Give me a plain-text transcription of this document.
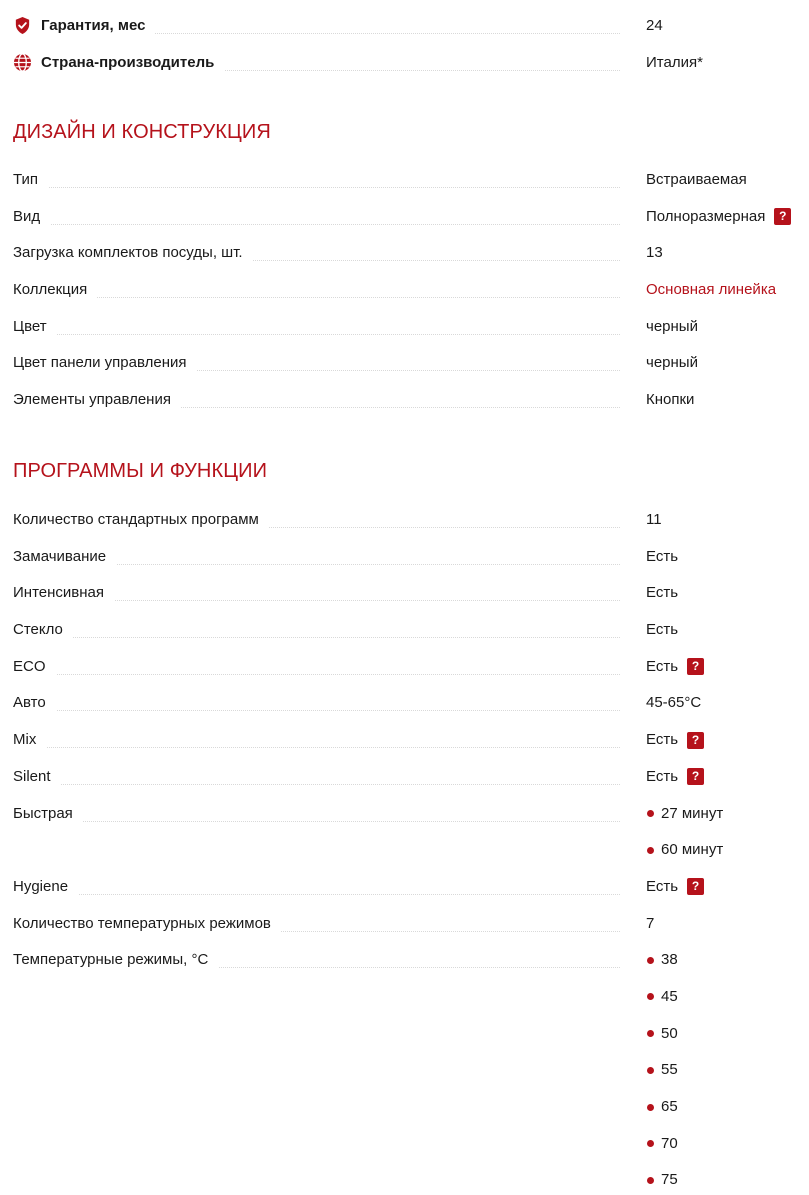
Гарантия, мес	24
Страна-производитель	Италия*
ДИЗАЙН И КОНСТРУКЦИЯ
Тип	Встраиваемая
Вид	Полноразмерная	?
Загрузка комплектов посуды, шт.	13
Коллекция	Основная линейка
Цвет	черный
Цвет панели управления	черный
Элементы управления	Кнопки
ПРОГРАММЫ И ФУНКЦИИ
Количество стандартных программ	11
Замачивание	Есть
Интенсивная	Есть
Стекло	Есть
ECO	Есть	?
Авто	45-65°C
Mix	Есть	?
Silent	Есть	?
Быстрая	27 минут
60 минут
Hygiene	Есть	?
Количество температурных режимов	7
Температурные режимы, °C	38
45
50
55
65
70
75
